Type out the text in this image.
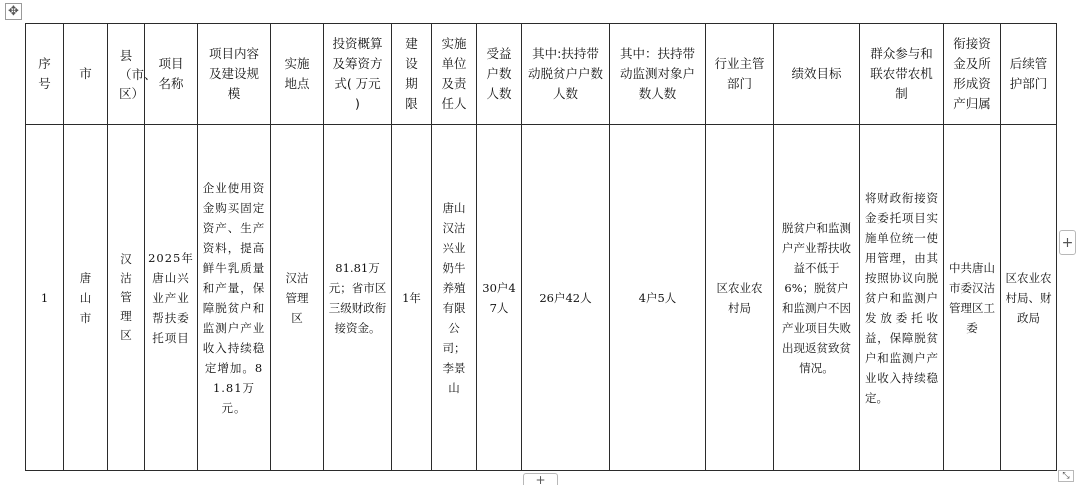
✥
序号	市	县（市、区）	项目名称	项目内容及建设规模	实施地点	投资概算及筹资方式( 万元 )	建设期限	实施单位及责任人	受益户数人数	其中:扶持带动脱贫户户数人数	其中：扶持带动监测对象户数人数	行业主管部门	绩效目标	群众参与和联农带农机制	衔接资金及所形成资产归属	后续管护部门
1	唐山市	汉沽管理区	2025年唐山兴业产业帮扶委托项目	企业使用资金购买固定资产、生产资料，提高鲜牛乳质量和产量，保障脱贫户和监测户产业收入持续稳定增加。81.81万元。	汉沽管理区	81.81万元；省市区三级财政衔接资金。	1年	唐山汉沽兴业奶牛养殖有限公司；李景山	30户47人	26户42人	4户5人	区农业农村局	脱贫户和监测户产业帮扶收益不低于6%；脱贫户和监测户不因产业项目失败出现返贫致贫情况。	将财政衔接资金委托项目实施单位统一使用管理，由其按照协议向脱贫户和监测户发放委托收益，保障脱贫户和监测户产业收入持续稳定。	中共唐山市委汉沽管理区工委	区农业农村局、财政局
+
+	⤡
